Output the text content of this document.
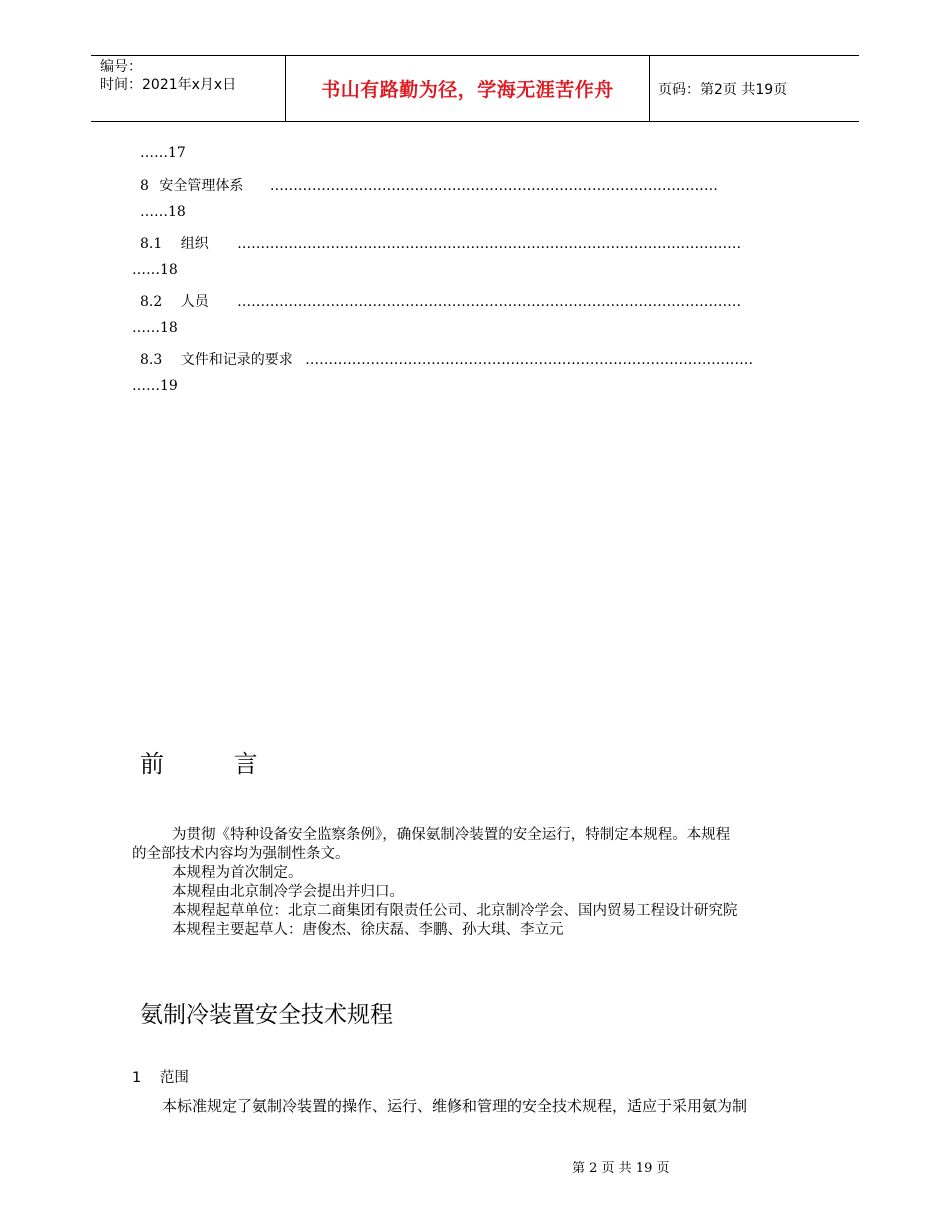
编号：
时间：2021年x月x日	书山有路勤为径，学海无涯苦作舟	页码：第2页 共19页
……17
8 安全管理体系 ……………………………………………………………………………………
……18
8.1 组织 ………………………………………………………………………………………………
……18
8.2 人员 ………………………………………………………………………………………………
……18
8.3 文件和记录的要求 ……………………………………………………………………………………
……19
前	言
为贯彻《特种设备安全监察条例》，确保氨制冷装置的安全运行，特制定本规程。本规程
的全部技术内容均为强制性条文。
本规程为首次制定。
本规程由北京制冷学会提出并归口。
本规程起草单位：北京二商集团有限责任公司、北京制冷学会、国内贸易工程设计研究院
本规程主要起草人：唐俊杰、徐庆磊、李鹏、孙大琪、李立元
氨制冷装置安全技术规程
1 范围
本标准规定了氨制冷装置的操作、运行、维修和管理的安全技术规程，适应于采用氨为制
第 2 页 共 19 页
